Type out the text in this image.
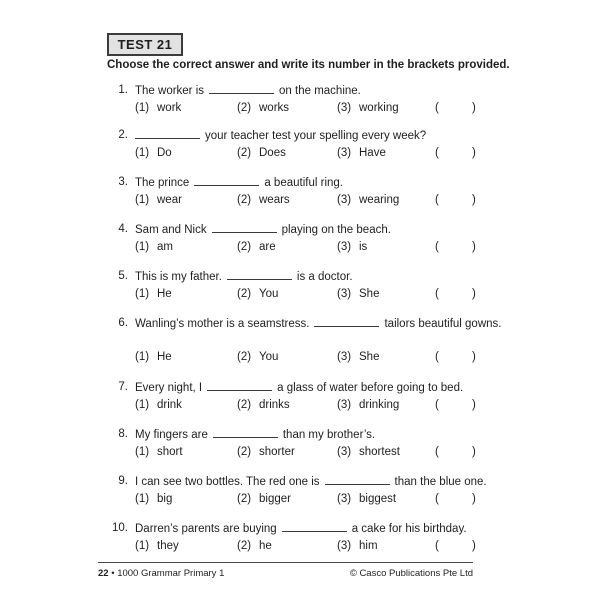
TEST 21
Choose the correct answer and write its number in the brackets provided.
1. The worker is	on the machine.
(1) work	(2) works	(3) working	(	)
2.	your teacher test your spelling every week?
(1) Do	(2) Does	(3) Have	(	)
3. The prince	a beautiful ring.
(1) wear	(2) wears	(3) wearing	(	)
4. Sam and Nick	playing on the beach.
(1) am	(2) are	(3) is	(	)
5. This is my father.	is a doctor.
(1) He	(2) You	(3) She	(	)
6. Wanling’s mother is a seamstress.	tailors beautiful gowns.
(1) He	(2) You	(3) She	(	)
7. Every night, I	a glass of water before going to bed.
(1) drink	(2) drinks	(3) drinking	(	)
8. My fingers are	than my brother’s.
(1) short	(2) shorter	(3) shortest	(	)
9. I can see two bottles. The red one is	than the blue one.
(1) big	(2) bigger	(3) biggest	(	)
10. Darren’s parents are buying	a cake for his birthday.
(1) they	(2) he	(3) him	(	)
22 • 1000 Grammar Primary 1	© Casco Publications Pte Ltd
